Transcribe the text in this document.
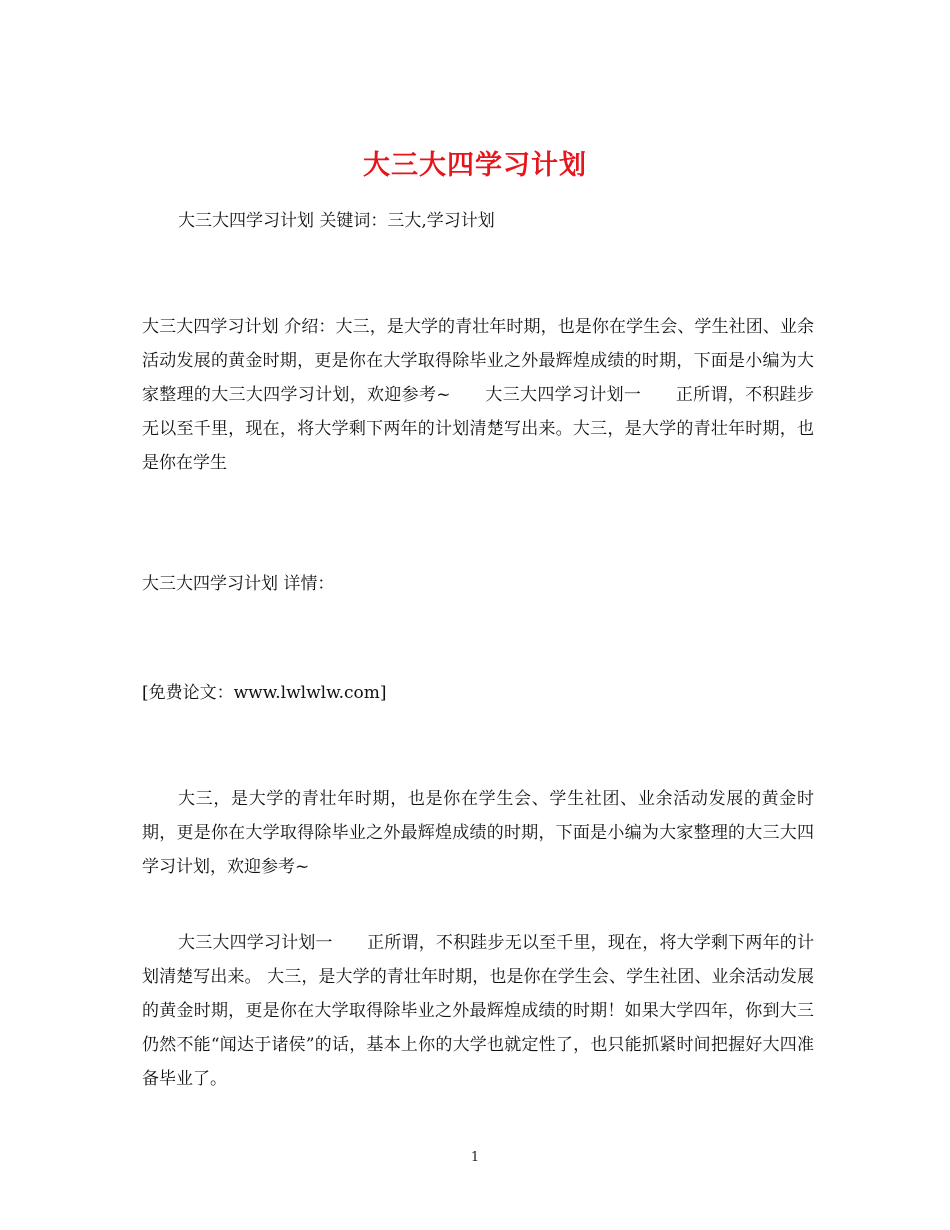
大三大四学习计划

大三大四学习计划 关键词：三大,学习计划

大三大四学习计划 介绍：大三，是大学的青壮年时期，也是你在学生会、学生社团、业余活动发展的黄金时期，更是你在大学取得除毕业之外最辉煌成绩的时期，下面是小编为大家整理的大三大四学习计划，欢迎参考~　　大三大四学习计划一　　正所谓，不积跬步无以至千里，现在，将大学剩下两年的计划清楚写出来。大三，是大学的青壮年时期，也是你在学生

大三大四学习计划 详情：

[免费论文：www.lwlwlw.com]

大三，是大学的青壮年时期，也是你在学生会、学生社团、业余活动发展的黄金时期，更是你在大学取得除毕业之外最辉煌成绩的时期，下面是小编为大家整理的大三大四学习计划，欢迎参考~

大三大四学习计划一　　正所谓，不积跬步无以至千里，现在，将大学剩下两年的计划清楚写出来。 大三，是大学的青壮年时期，也是你在学生会、学生社团、业余活动发展的黄金时期，更是你在大学取得除毕业之外最辉煌成绩的时期！如果大学四年，你到大三仍然不能“闻达于诸侯”的话，基本上你的大学也就定性了，也只能抓紧时间把握好大四准备毕业了。

1
